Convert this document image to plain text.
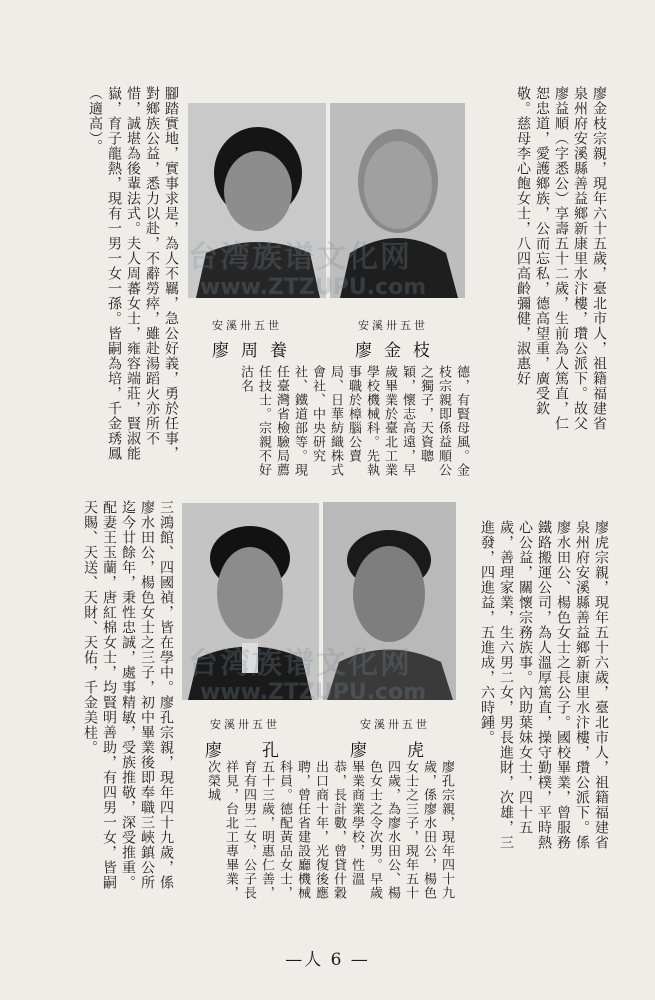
廖金枝宗親，現年六十五歲，臺北市人，祖籍福建省泉州府安溪縣善益鄉新康里水汴樓，瓚公派下。故父廖益順（字悉公）享壽五十二歲，生前為人篤直，仁恕忠道，愛護鄉族，公而忘私，德高望重，廣受欽敬。慈母李心飽女士，八四高齡彌健，淑惠好
安溪卅五世
廖金枝
安溪卅五世
廖周養
德，有賢母風。金枝宗親即係益順公之獨子，天資聰穎，懷志高遠，早歲畢業於臺北工業學校機械科。先執事職於樟腦公賣局、日華紡織株式會社、中央研究社、鐵道部等。現任臺灣省檢驗局薦任技士。宗親不好沽名
腳踏實地，實事求是，為人不羈，急公好義，勇於任事，對鄉族公益，悉力以赴，不辭勞瘁，雖赴湯蹈火亦所不惜，誠堪為後輩法式。夫人周蕃女士，雍容端莊，賢淑能嶽，育子龍熱，現有一男一女一孫。皆嗣為培，千金琇鳳（適高）。
廖虎宗親，現年五十六歲，臺北市人，祖籍福建省泉州府安溪縣善益鄉新康里水汴樓，瓚公派下。係廖水田公、楊色女士之長公子。國校畢業，曾服務鐵路搬運公司，為人溫厚篤直，操守勤樸，平時熱心公益，關懷宗務族事。內助葉妹女士，四十五歲，善理家業，生六男二女，男長進財，次雄，三進發，四進益，五進成，六時鍾。
安溪卅五世
廖虎
安溪卅五世
廖孔
廖孔宗親，現年四十九歲，係廖水田公，楊色女士之三子，現年五十四歲，為廖水田公、楊色女士之令次男。早歲畢業商業學校，性溫恭，長計數，曾貸什穀出口商十年，光復後應聘，曾任省建設廳機械科員。德配黃品女士，五十三歲，明惠仁善，育有四男二女，公子長祥見，台北工專畢業，次榮城
三鴻館、四國禎，皆在學中。廖孔宗親，現年四十九歲，係廖水田公，楊色女士之三子，初中畢業後即奉職三峽鎮公所迄今廿餘年，秉性忠誠，處事精敏，受族推敬，深受推重。配妻王玉蘭，唐紅棉女士，均賢明善助，有四男一女，皆嗣天賜、天送、天財、天佑，千金美桂。
台湾族谱文化网
www.ZTZUPU.com
台湾族谱文化网
www.ZTZUPU.com
—人 6 —
